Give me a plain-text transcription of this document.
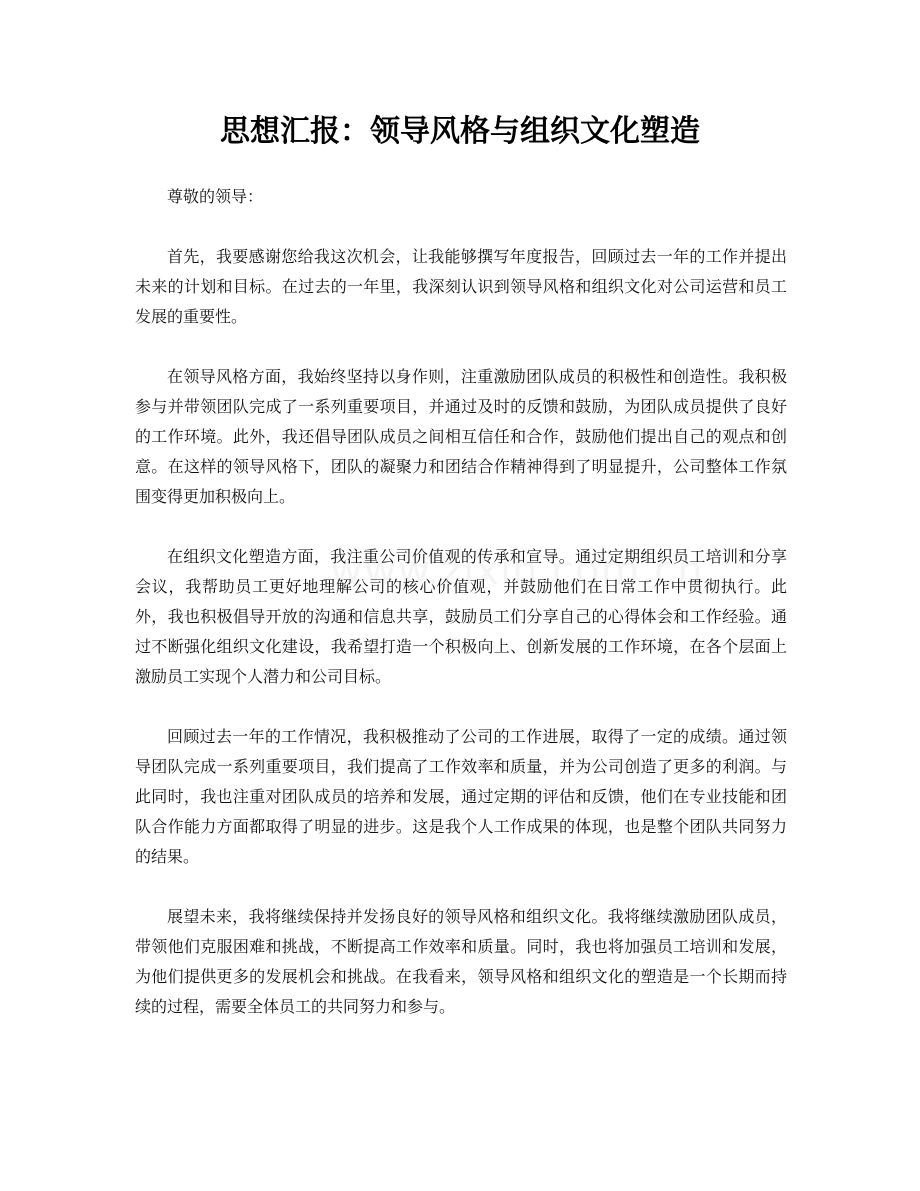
思想汇报：领导风格与组织文化塑造

尊敬的领导：

首先，我要感谢您给我这次机会，让我能够撰写年度报告，回顾过去一年的工作并提出未来的计划和目标。在过去的一年里，我深刻认识到领导风格和组织文化对公司运营和员工发展的重要性。

在领导风格方面，我始终坚持以身作则，注重激励团队成员的积极性和创造性。我积极参与并带领团队完成了一系列重要项目，并通过及时的反馈和鼓励，为团队成员提供了良好的工作环境。此外，我还倡导团队成员之间相互信任和合作，鼓励他们提出自己的观点和创意。在这样的领导风格下，团队的凝聚力和团结合作精神得到了明显提升，公司整体工作氛围变得更加积极向上。

在组织文化塑造方面，我注重公司价值观的传承和宣导。通过定期组织员工培训和分享会议，我帮助员工更好地理解公司的核心价值观，并鼓励他们在日常工作中贯彻执行。此外，我也积极倡导开放的沟通和信息共享，鼓励员工们分享自己的心得体会和工作经验。通过不断强化组织文化建设，我希望打造一个积极向上、创新发展的工作环境，在各个层面上激励员工实现个人潜力和公司目标。

回顾过去一年的工作情况，我积极推动了公司的工作进展，取得了一定的成绩。通过领导团队完成一系列重要项目，我们提高了工作效率和质量，并为公司创造了更多的利润。与此同时，我也注重对团队成员的培养和发展，通过定期的评估和反馈，他们在专业技能和团队合作能力方面都取得了明显的进步。这是我个人工作成果的体现，也是整个团队共同努力的结果。

展望未来，我将继续保持并发扬良好的领导风格和组织文化。我将继续激励团队成员，带领他们克服困难和挑战，不断提高工作效率和质量。同时，我也将加强员工培训和发展，为他们提供更多的发展机会和挑战。在我看来，领导风格和组织文化的塑造是一个长期而持续的过程，需要全体员工的共同努力和参与。
